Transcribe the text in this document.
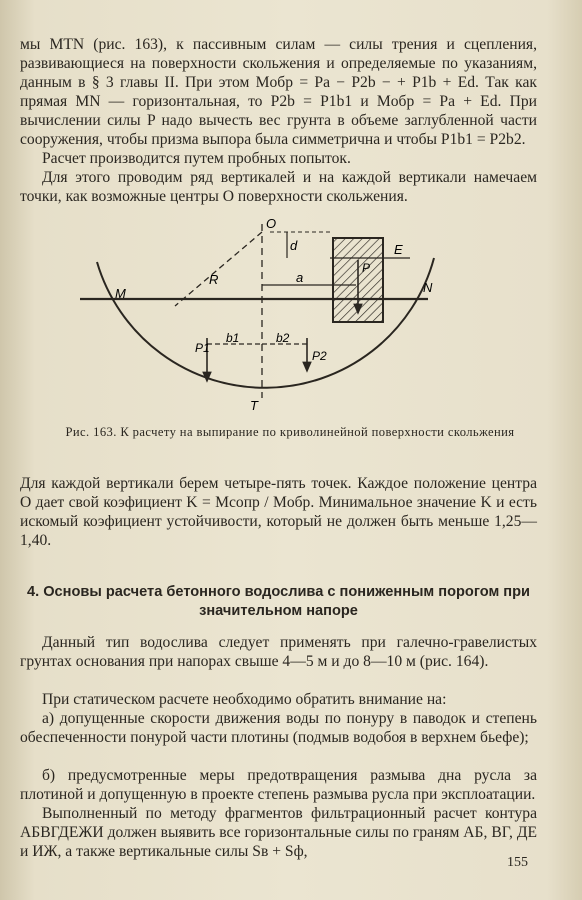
мы MTN (рис. 163), к пассивным силам — силы трения и сцепления, развивающиеся на поверхности скольжения и определяемые по указаниям, данным в § 3 главы II. При этом Mобр = Pa − P2b − + P1b + Ed. Так как прямая MN — горизонтальная, то P2b = P1b1 и Mобр = Pa + Ed. При вычислении силы P надо вычесть вес грунта в объеме заглубленной части сооружения, чтобы призма выпора была симметрична и чтобы P1b1 = P2b2.

Расчет производится путем пробных попыток.

Для этого проводим ряд вертикалей и на каждой вертикали намечаем точки, как возможные центры O поверхности скольжения.

O
d	E
R
P
a
M	N
P1
b1	b2
P2
T
Рис. 163. К расчету на выпирание по криволинейной поверхности скольжения

Для каждой вертикали берем четыре-пять точек. Каждое положение центра O дает свой коэфициент K = Mсопр / Mобр. Минимальное значение K и есть искомый коэфициент устойчивости, который не должен быть меньше 1,25—1,40.

4. Основы расчета бетонного водослива с пониженным порогом при значительном напоре

Данный тип водослива следует применять при галечно-гравелистых грунтах основания при напорах свыше 4—5 м и до 8—10 м (рис. 164).

При статическом расчете необходимо обратить внимание на:

а) допущенные скорости движения воды по понуру в паводок и степень обеспеченности понурой части плотины (подмыв водобоя в верхнем бьефе);

б) предусмотренные меры предотвращения размыва дна русла за плотиной и допущенную в проекте степень размыва русла при эксплоатации.

Выполненный по методу фрагментов фильтрационный расчет контура АБВГДЕЖИ должен выявить все горизонтальные силы по граням АБ, ВГ, ДЕ и ИЖ, а также вертикальные силы Sв + Sф,

155
